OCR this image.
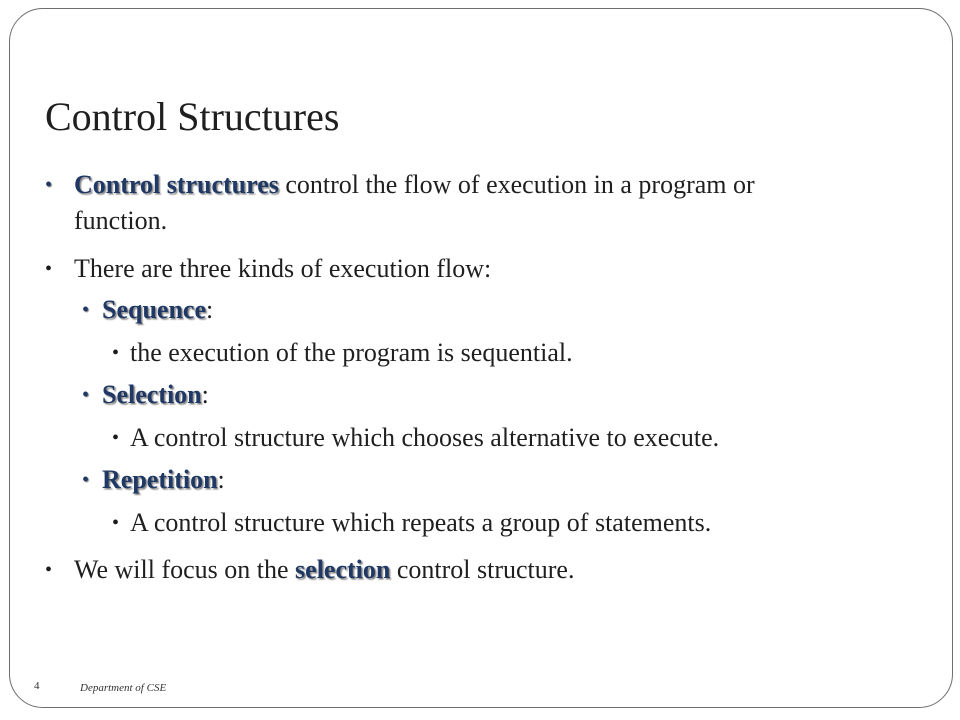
Control Structures
• Control structures control the flow of execution in a program or
function.
• There are three kinds of execution flow:
• Sequence:
• the execution of the program is sequential.
• Selection:
• A control structure which chooses alternative to execute.
• Repetition:
• A control structure which repeats a group of statements.
• We will focus on the selection control structure.
4	Department of CSE
